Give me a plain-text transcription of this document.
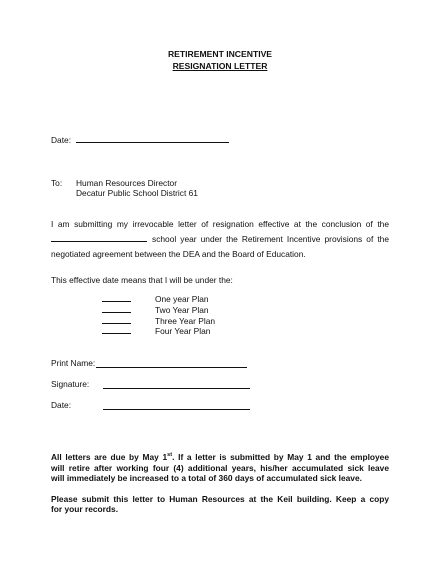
RETIREMENT INCENTIVE
RESIGNATION LETTER
Date:
To: Human Resources Director
Decatur Public School District 61
I am submitting my irrevocable letter of resignation effective at the conclusion of the
school year under the Retirement Incentive provisions of the
negotiated agreement between the DEA and the Board of Education.
This effective date means that I will be under the:
One year Plan
Two Year Plan
Three Year Plan
Four Year Plan
Print Name:
Signature:
Date:
All letters are due by May 1st. If a letter is submitted by May 1 and the employee
will retire after working four (4) additional years, his/her accumulated sick leave
will immediately be increased to a total of 360 days of accumulated sick leave.
Please submit this letter to Human Resources at the Keil building. Keep a copy
for your records.
